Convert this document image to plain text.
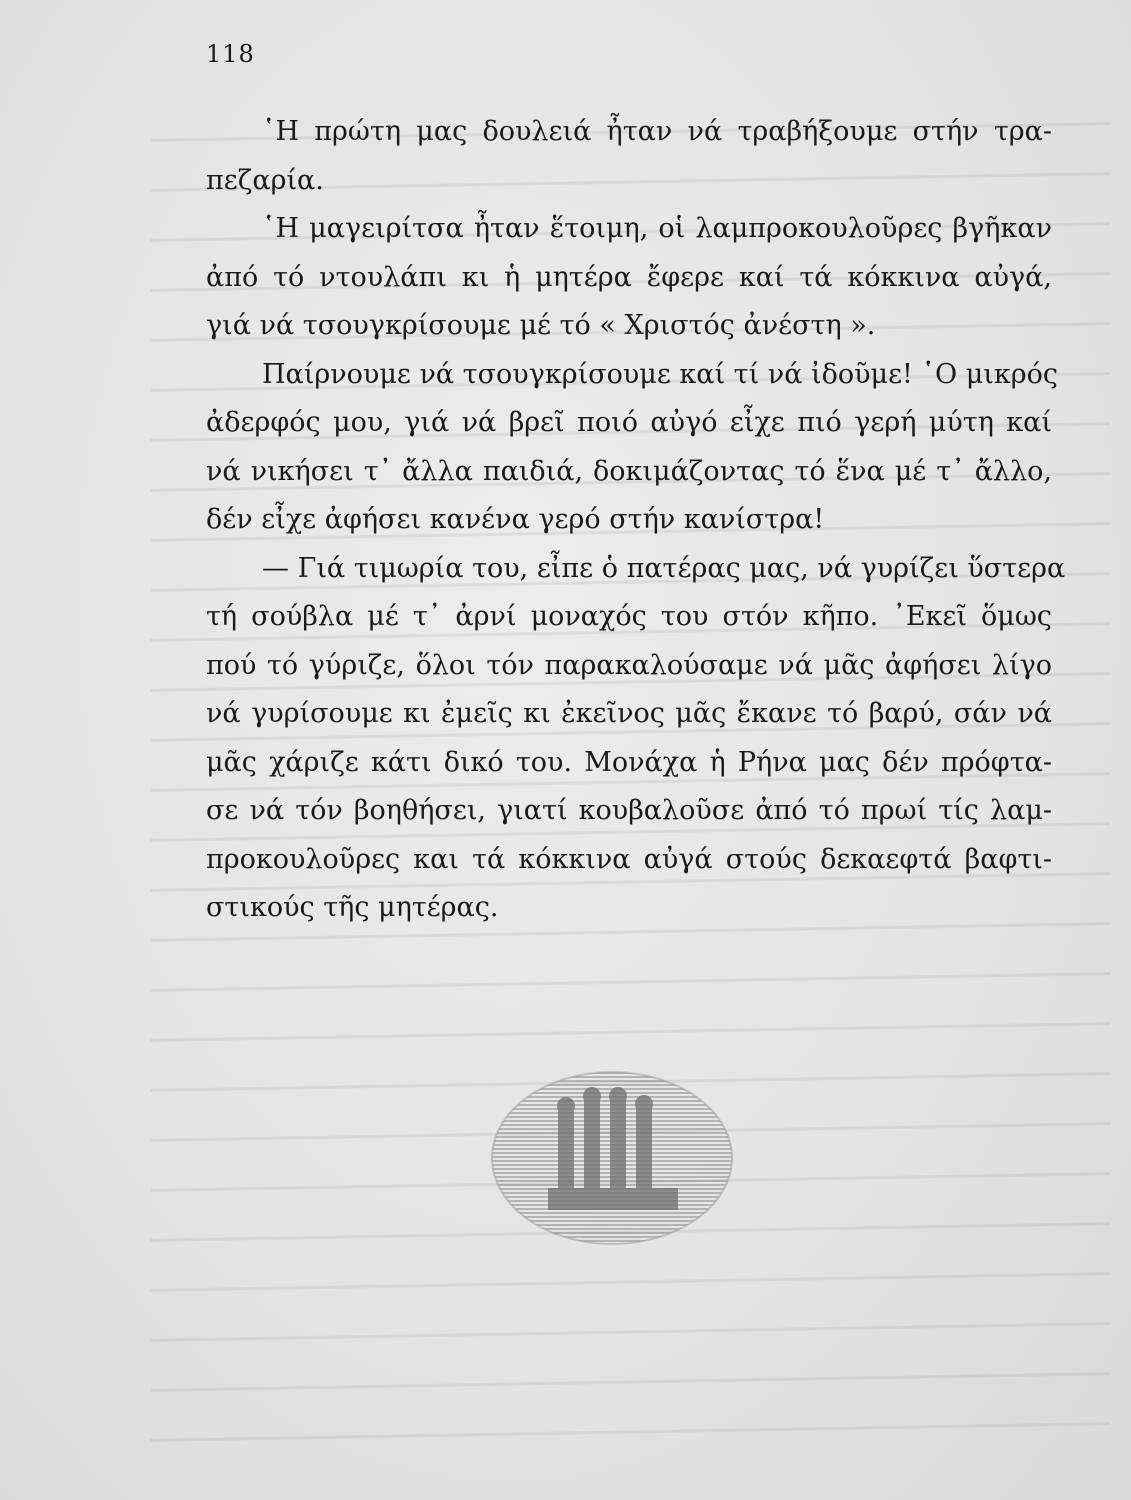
118
῾Η πρώτη μας δουλειά ἦταν νά τραβήξουμε στήν τρα-
πεζαρία.
῾Η μαγειρίτσα ἦταν ἕτοιμη, οἱ λαμπροκουλοῦρες βγῆκαν
ἀπό τό ντουλάπι κι ἡ μητέρα ἔφερε καί τά κόκκινα αὐγά,
γιά νά τσουγκρίσουμε μέ τό « Χριστός ἀνέστη ».
Παίρνουμε νά τσουγκρίσουμε καί τί νά ἰδοῦμε! ῾Ο μικρός
ἀδερφός μου, γιά νά βρεῖ ποιό αὐγό εἶχε πιό γερή μύτη καί
νά νικήσει τ᾿ ἄλλα παιδιά, δοκιμάζοντας τό ἕνα μέ τ᾿ ἄλλο,
δέν εἶχε ἀφήσει κανένα γερό στήν κανίστρα!
— Γιά τιμωρία του, εἶπε ὁ πατέρας μας, νά γυρίζει ὕστερα
τή σούβλα μέ τ᾿ ἀρνί μοναχός του στόν κῆπο. ᾿Εκεῖ ὅμως
πού τό γύριζε, ὅλοι τόν παρακαλούσαμε νά μᾶς ἀφήσει λίγο
νά γυρίσουμε κι ἐμεῖς κι ἐκεῖνος μᾶς ἔκανε τό βαρύ, σάν νά
μᾶς χάριζε κάτι δικό του. Μονάχα ἡ Ρήνα μας δέν πρόφτα-
σε νά τόν βοηθήσει, γιατί κουβαλοῦσε ἀπό τό πρωί τίς λαμ-
προκουλοῦρες και τά κόκκινα αὐγά στούς δεκαεφτά βαφτι-
στικούς τῆς μητέρας.
